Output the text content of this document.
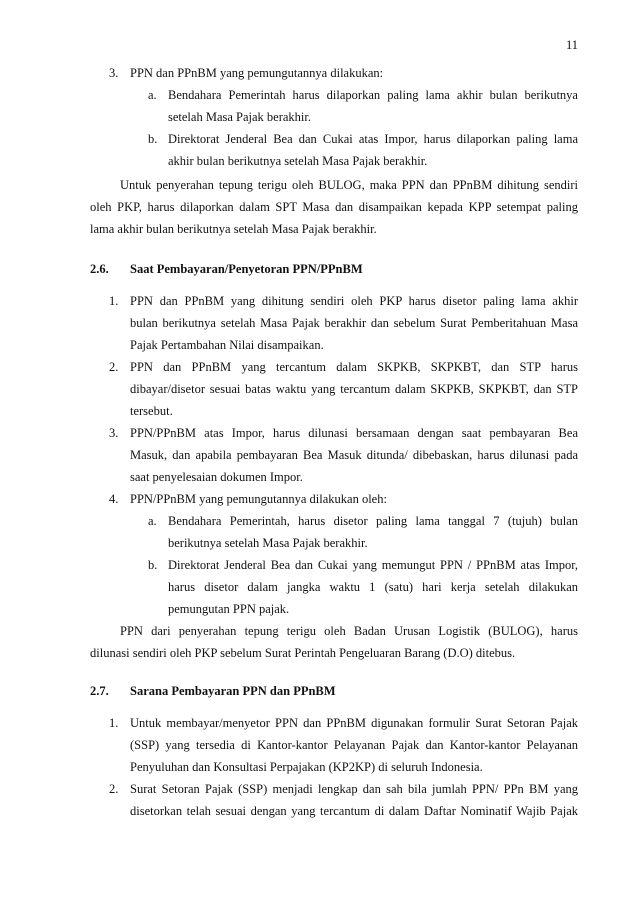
11
3. PPN dan PPnBM yang pemungutannya dilakukan:
a. Bendahara Pemerintah harus dilaporkan paling lama akhir bulan berikutnya
setelah Masa Pajak berakhir.
b. Direktorat Jenderal Bea dan Cukai atas Impor, harus dilaporkan paling lama
akhir bulan berikutnya setelah Masa Pajak berakhir.
Untuk penyerahan tepung terigu oleh BULOG, maka PPN dan PPnBM dihitung sendiri
oleh PKP, harus dilaporkan dalam SPT Masa dan disampaikan kepada KPP setempat paling
lama akhir bulan berikutnya setelah Masa Pajak berakhir.
2.6. Saat Pembayaran/Penyetoran PPN/PPnBM
1. PPN dan PPnBM yang dihitung sendiri oleh PKP harus disetor paling lama akhir
bulan berikutnya setelah Masa Pajak berakhir dan sebelum Surat Pemberitahuan Masa
Pajak Pertambahan Nilai disampaikan.
2. PPN dan PPnBM yang tercantum dalam SKPKB, SKPKBT, dan STP harus
dibayar/disetor sesuai batas waktu yang tercantum dalam SKPKB, SKPKBT, dan STP
tersebut.
3. PPN/PPnBM atas Impor, harus dilunasi bersamaan dengan saat pembayaran Bea
Masuk, dan apabila pembayaran Bea Masuk ditunda/ dibebaskan, harus dilunasi pada
saat penyelesaian dokumen Impor.
4. PPN/PPnBM yang pemungutannya dilakukan oleh:
a. Bendahara Pemerintah, harus disetor paling lama tanggal 7 (tujuh) bulan
berikutnya setelah Masa Pajak berakhir.
b. Direktorat Jenderal Bea dan Cukai yang memungut PPN / PPnBM atas Impor,
harus disetor dalam jangka waktu 1 (satu) hari kerja setelah dilakukan
pemungutan PPN pajak.
PPN dari penyerahan tepung terigu oleh Badan Urusan Logistik (BULOG), harus
dilunasi sendiri oleh PKP sebelum Surat Perintah Pengeluaran Barang (D.O) ditebus.
2.7. Sarana Pembayaran PPN dan PPnBM
1. Untuk membayar/menyetor PPN dan PPnBM digunakan formulir Surat Setoran Pajak
(SSP) yang tersedia di Kantor-kantor Pelayanan Pajak dan Kantor-kantor Pelayanan
Penyuluhan dan Konsultasi Perpajakan (KP2KP) di seluruh Indonesia.
2. Surat Setoran Pajak (SSP) menjadi lengkap dan sah bila jumlah PPN/ PPn BM yang
disetorkan telah sesuai dengan yang tercantum di dalam Daftar Nominatif Wajib Pajak
